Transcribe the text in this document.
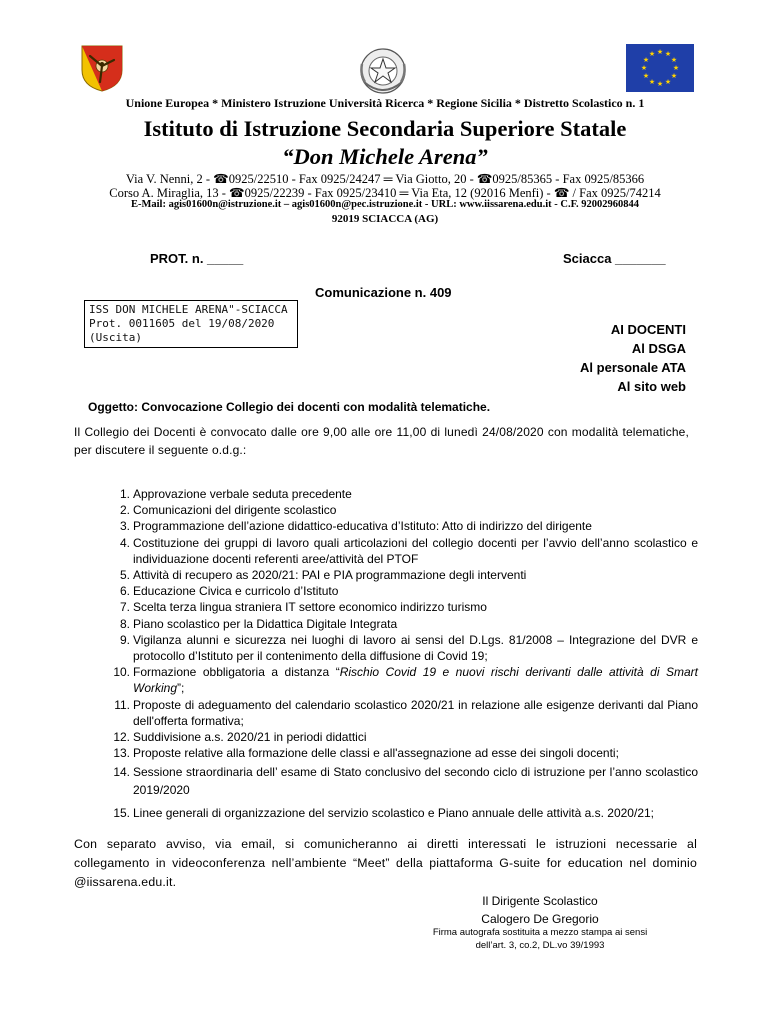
★ ★
★
★
★
★
★
★
★
★
★
★
Unione Europea * Ministero Istruzione Università Ricerca * Regione Sicilia * Distretto Scolastico n. 1
Istituto di Istruzione Secondaria Superiore Statale
“Don Michele Arena”
Via V. Nenni, 2 - ☎0925/22510 - Fax 0925/24247 ═ Via Giotto, 20 - ☎0925/85365 - Fax 0925/85366
Corso A. Miraglia, 13 - ☎0925/22239 - Fax 0925/23410 ═ Via Eta, 12 (92016 Menfi) - ☎ / Fax 0925/74214
E-Mail: agis01600n@istruzione.it – agis01600n@pec.istruzione.it - URL: www.iissarena.edu.it - C.F. 92002960844
92019 SCIACCA (AG)
PROT. n. _____	Sciacca _______
Comunicazione n. 409
ISS DON MICHELE ARENA"-SCIACCA
Prot. 0011605 del 19/08/2020
(Uscita)
AI DOCENTI
Al DSGA
Al personale ATA
Al sito web
Oggetto: Convocazione Collegio dei docenti con modalità telematiche.
Il Collegio dei Docenti è convocato dalle ore 9,00 alle ore 11,00 di lunedì 24/08/2020 con modalità telematiche, per discutere il seguente o.d.g.:
1. Approvazione verbale seduta precedente
2. Comunicazioni del dirigente scolastico
3. Programmazione dell’azione didattico-educativa d’Istituto: Atto di indirizzo del dirigente
4. Costituzione dei gruppi di lavoro quali articolazioni del collegio docenti per l’avvio dell’anno scolastico e individuazione docenti referenti aree/attività del PTOF
5. Attività di recupero as 2020/21: PAI e PIA programmazione degli interventi
6. Educazione Civica e curricolo d’Istituto
7. Scelta terza lingua straniera IT settore economico indirizzo turismo
8. Piano scolastico per la Didattica Digitale Integrata
9. Vigilanza alunni e sicurezza nei luoghi di lavoro ai sensi del D.Lgs. 81/2008 – Integrazione del DVR e protocollo d’Istituto per il contenimento della diffusione di Covid 19;
10. Formazione obbligatoria a distanza “Rischio Covid 19 e nuovi rischi derivanti dalle attività di Smart Working”;
11. Proposte di adeguamento del calendario scolastico 2020/21 in relazione alle esigenze derivanti dal Piano dell'offerta formativa;
12. Suddivisione a.s. 2020/21 in periodi didattici
13. Proposte relative alla formazione delle classi e all'assegnazione ad esse dei singoli docenti;
14. Sessione straordinaria dell’ esame di Stato conclusivo del secondo ciclo di istruzione per l’anno scolastico 2019/2020
15. Linee generali di organizzazione del servizio scolastico e Piano annuale delle attività a.s. 2020/21;
Con separato avviso, via email, si comunicheranno ai diretti interessati le istruzioni necessarie al collegamento in videoconferenza nell’ambiente “Meet” della piattaforma G-suite for education nel dominio @iissarena.edu.it.
Il Dirigente Scolastico
Calogero De Gregorio
Firma autografa sostituita a mezzo stampa ai sensi
dell’art. 3, co.2, DL.vo 39/1993
